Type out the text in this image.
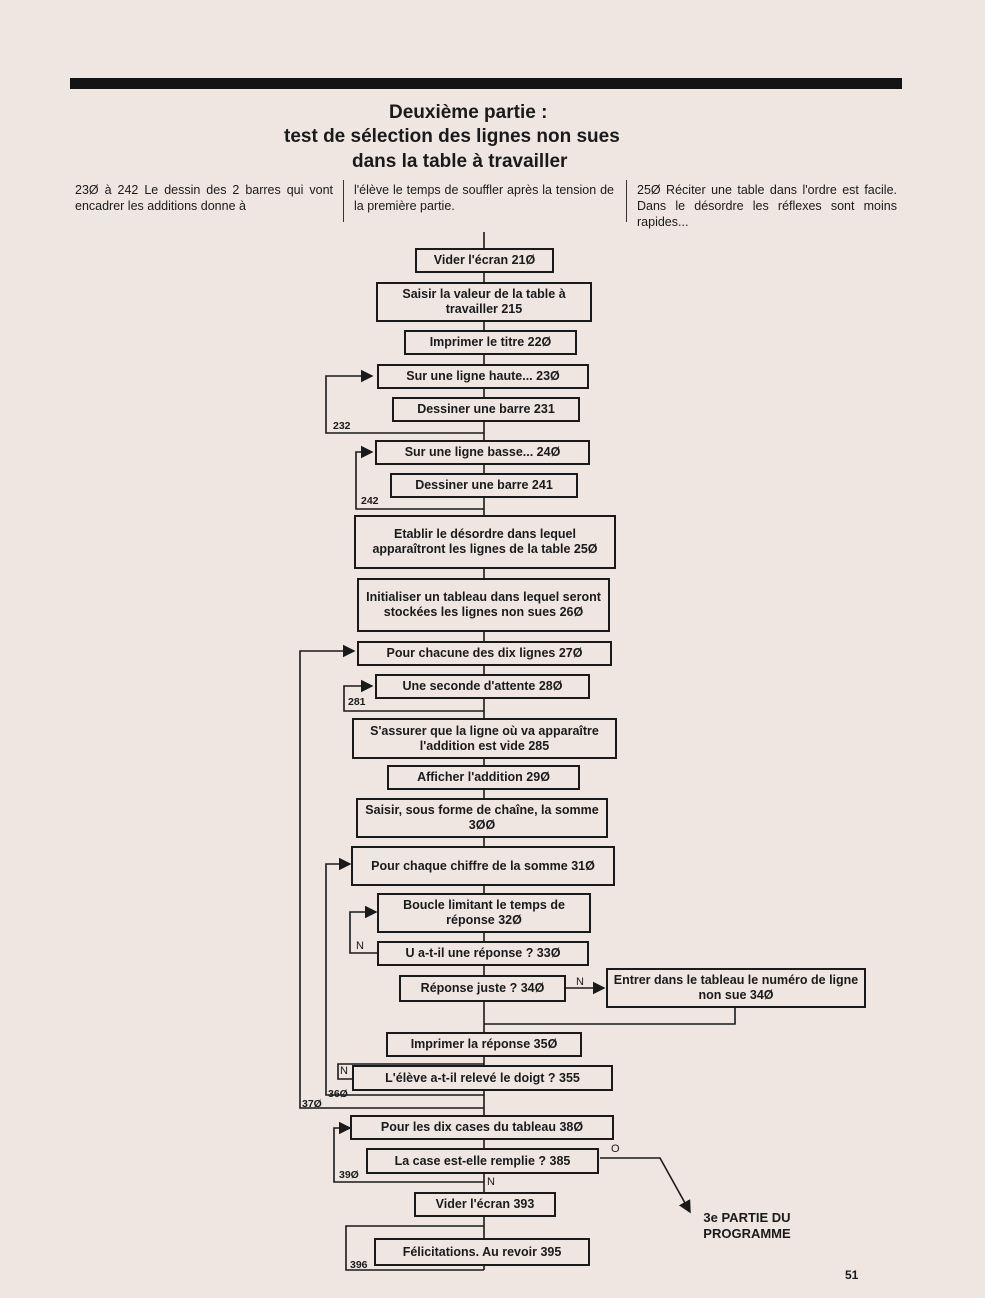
Deuxième partie :
test de sélection des lignes non sues
dans la table à travailler
23Ø à 242 Le dessin des 2 barres qui vont encadrer les additions donne à
l'élève le temps de souffler après la tension de la première partie.
25Ø Réciter une table dans l'ordre est facile. Dans le désordre les réflexes sont moins rapides...
Vider l'écran 21Ø
Saisir la valeur de la table à travailler 215
Imprimer le titre 22Ø
Sur une ligne haute... 23Ø
Dessiner une barre 231
Sur une ligne basse... 24Ø
Dessiner une barre 241
Etablir le désordre dans lequel apparaîtront les lignes de la table 25Ø
Initialiser un tableau dans lequel seront stockées les lignes non sues 26Ø
Pour chacune des dix lignes 27Ø
Une seconde d'attente 28Ø
S'assurer que la ligne où va apparaître l'addition est vide 285
Afficher l'addition 29Ø
Saisir, sous forme de chaîne, la somme 3ØØ
Pour chaque chiffre de la somme 31Ø
Boucle limitant le temps de réponse 32Ø
U a-t-il une réponse ? 33Ø
Réponse juste ? 34Ø
Entrer dans le tableau le numéro de ligne non sue 34Ø
Imprimer la réponse 35Ø
L'élève a-t-il relevé le doigt ? 355
Pour les dix cases du tableau 38Ø
La case est-elle remplie ? 385
Vider l'écran 393
Félicitations. Au revoir 395
232
242
281
36Ø
37Ø
39Ø
396
N
N
N
N
O
3e PARTIE DU PROGRAMME
51
